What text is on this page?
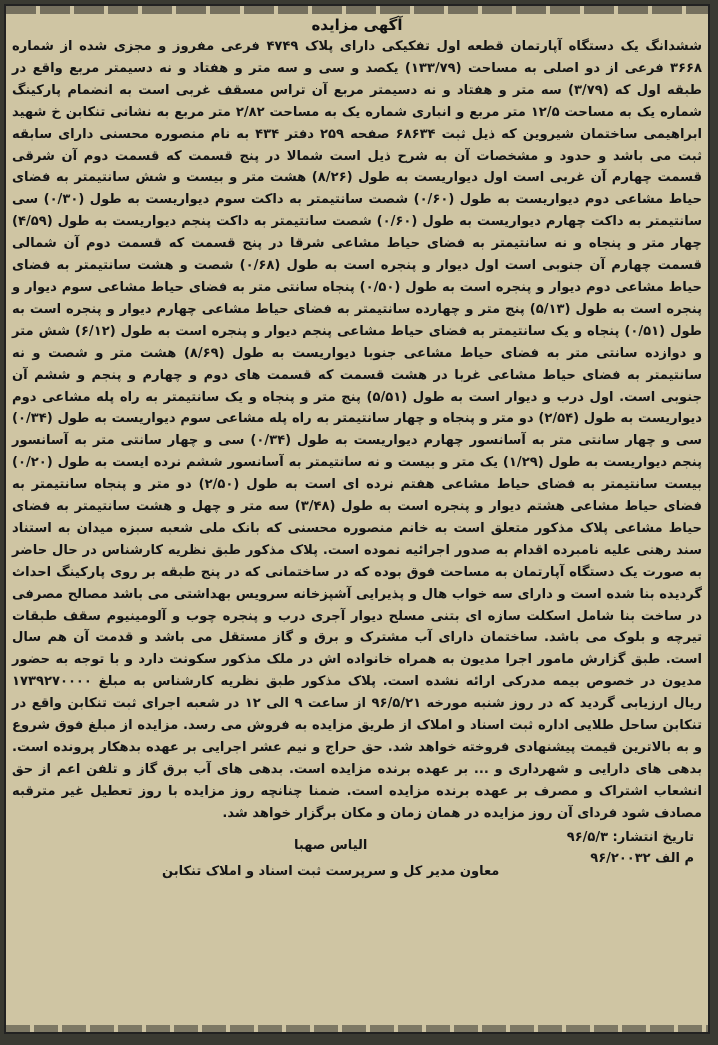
آگهی مزایده

ششدانگ یک دستگاه آپارتمان قطعه اول تفکیکی دارای پلاک ۴۷۴۹ فرعی مفروز و مجزی شده از شماره ۳۶۶۸ فرعی از دو اصلی به مساحت (۱۳۳/۷۹) یکصد و سی و سه متر و هفتاد و نه دسیمتر مربع واقع در طبقه اول که (۳/۷۹) سه متر و هفتاد و نه دسیمتر مربع آن تراس مسقف غربی است به انضمام پارکینگ شماره یک به مساحت ۱۲/۵ متر مربع و انباری شماره یک به مساحت ۲/۸۲ متر مربع به نشانی تنکابن خ شهید ابراهیمی ساختمان شیروین که ذیل ثبت ۶۸۶۳۴ صفحه ۲۵۹ دفتر ۴۳۴ به نام منصوره محسنی دارای سابقه ثبت می باشد و حدود و مشخصات آن به شرح ذیل است شمالا در پنج قسمت که قسمت دوم آن شرقی قسمت چهارم آن غربی است اول دیواریست به طول (۸/۲۶) هشت متر و بیست و شش سانتیمتر به فضای حیاط مشاعی دوم دیواریست به طول (۰/۶۰) شصت سانتیمتر به داکت سوم دیواریست به طول (۰/۳۰) سی سانتیمتر به داکت چهارم دیواریست به طول (۰/۶۰) شصت سانتیمتر به داکت پنجم دیواریست به طول (۴/۵۹) چهار متر و پنجاه و نه سانتیمتر به فضای حیاط مشاعی شرقا در پنج قسمت که قسمت دوم آن شمالی قسمت چهارم آن جنوبی است اول دیوار و پنجره است به طول (۰/۶۸) شصت و هشت سانتیمتر به فضای حیاط مشاعی دوم دیوار و پنجره است به طول (۰/۵۰) پنجاه سانتی متر به فضای حیاط مشاعی سوم دیوار و پنجره است به طول (۵/۱۳) پنج متر و چهارده سانتیمتر به فضای حیاط مشاعی چهارم دیوار و پنجره است به طول (۰/۵۱) پنجاه و یک سانتیمتر به فضای حیاط مشاعی پنجم دیوار و پنجره است به طول (۶/۱۲) شش متر و دوازده سانتی متر به فضای حیاط مشاعی جنوبا دیواریست به طول (۸/۶۹) هشت متر و شصت و نه سانتیمتر به فضای حیاط مشاعی غربا در هشت قسمت که قسمت های دوم و چهارم و پنجم و ششم آن جنوبی است. اول درب و دیوار است به طول (۵/۵۱) پنج متر و پنجاه و یک سانتیمتر به راه پله مشاعی دوم دیواریست به طول (۲/۵۴) دو متر و پنجاه و چهار سانتیمتر به راه پله مشاعی سوم دیواریست به طول (۰/۳۴) سی و چهار سانتی متر به آسانسور چهارم دیواریست به طول (۰/۳۴) سی و چهار سانتی متر به آسانسور پنجم دیواریست به طول (۱/۲۹) یک متر و بیست و نه سانتیمتر به آسانسور ششم نرده ایست به طول (۰/۲۰) بیست سانتیمتر به فضای حیاط مشاعی هفتم نرده ای است به طول (۲/۵۰) دو متر و پنجاه سانتیمتر به فضای حیاط مشاعی هشتم دیوار و پنجره است به طول (۳/۴۸) سه متر و چهل و هشت سانتیمتر به فضای حیاط مشاعی پلاک مذکور متعلق است به خانم منصوره محسنی که بانک ملی شعبه سبزه میدان به استناد سند رهنی علیه نامبرده اقدام به صدور اجرائیه نموده است. پلاک مذکور طبق نظریه کارشناس در حال حاضر به صورت یک دستگاه آپارتمان به مساحت فوق بوده که در ساختمانی که در پنج طبقه بر روی پارکینگ احداث گردیده بنا شده است و دارای سه خواب هال و پذیرایی آشپزخانه سرویس بهداشتی می باشد مصالح مصرفی در ساخت بنا شامل اسکلت سازه ای بتنی مسلح دیوار آجری درب و پنجره چوب و آلومینیوم سقف طبقات تیرچه و بلوک می باشد. ساختمان دارای آب مشترک و برق و گاز مستقل می باشد و قدمت آن هم سال است. طبق گزارش مامور اجرا مدیون به همراه خانواده اش در ملک مذکور سکونت دارد و با توجه به حضور مدیون در خصوص بیمه مدرکی ارائه نشده است. پلاک مذکور طبق نظریه کارشناس به مبلغ ۱۷۳۹۲۷۰۰۰۰ ریال ارزیابی گردید که در روز شنبه مورخه ۹۶/۵/۲۱ از ساعت ۹ الی ۱۲ در شعبه اجرای ثبت تنکابن واقع در تنکابن ساحل طلایی اداره ثبت اسناد و املاک از طریق مزایده به فروش می رسد. مزایده از مبلغ فوق شروع و به بالاترین قیمت پیشنهادی فروخته خواهد شد. حق حراج و نیم عشر اجرایی بر عهده بدهکار پرونده است. بدهی های دارایی و شهرداری و ... بر عهده برنده مزایده است. بدهی های آب برق گاز و تلفن اعم از حق انشعاب اشتراک و مصرف بر عهده برنده مزایده است. ضمنا چنانچه روز مزایده با روز تعطیل غیر مترقبه مصادف شود فردای آن روز مزایده در همان زمان و مکان برگزار خواهد شد.

تاریخ انتشار: ۹۶/۵/۳
م الف ۹۶/۲۰۰۳۲
الیاس صهبا
معاون مدیر کل و سرپرست ثبت اسناد و املاک تنکابن
